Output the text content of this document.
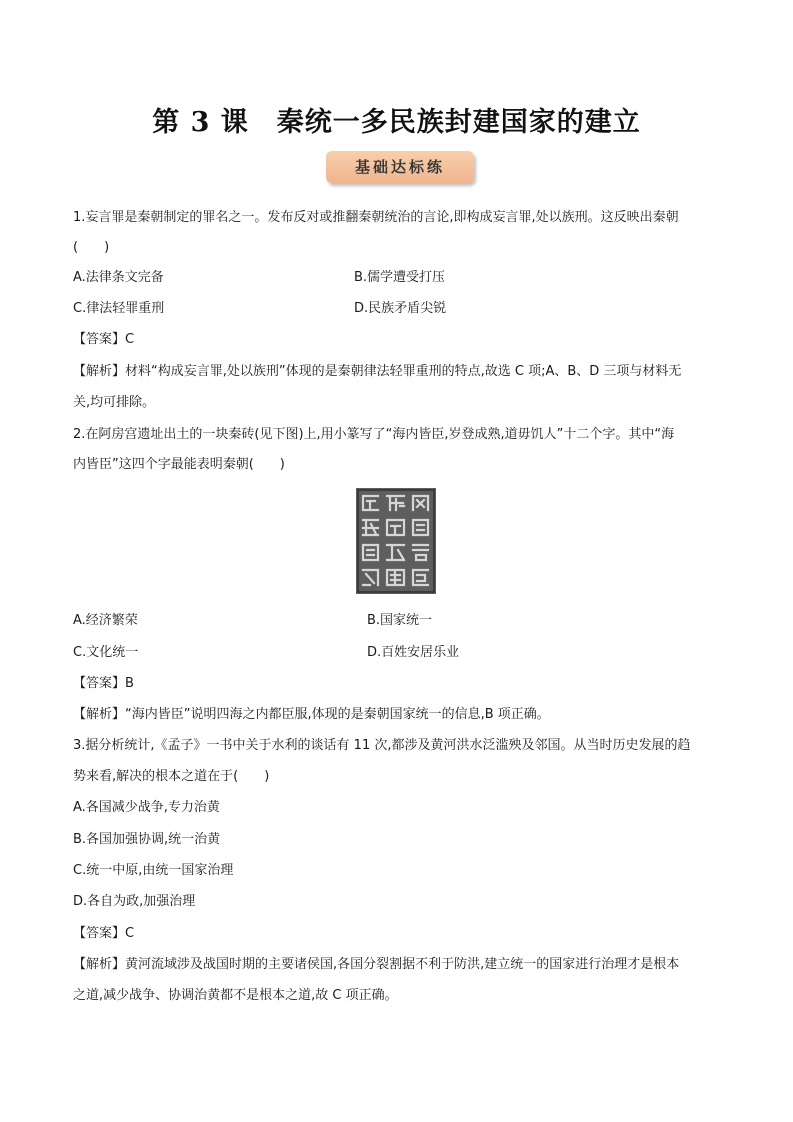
第 3 课　秦统一多民族封建国家的建立
基础达标练
1.妄言罪是秦朝制定的罪名之一。发布反对或推翻秦朝统治的言论,即构成妄言罪,处以族刑。这反映出秦朝
(　　)
A.法律条文完备	B.儒学遭受打压
C.律法轻罪重刑	D.民族矛盾尖锐
【答案】C
【解析】材料“构成妄言罪,处以族刑”体现的是秦朝律法轻罪重刑的特点,故选 C 项;A、B、D 三项与材料无
关,均可排除。
2.在阿房宫遗址出土的一块秦砖(见下图)上,用小篆写了“海内皆臣,岁登成熟,道毋饥人”十二个字。其中“海
内皆臣”这四个字最能表明秦朝(　　)
A.经济繁荣	B.国家统一
C.文化统一	D.百姓安居乐业
【答案】B
【解析】“海内皆臣”说明四海之内都臣服,体现的是秦朝国家统一的信息,B 项正确。
3.据分析统计,《孟子》一书中关于水利的谈话有 11 次,都涉及黄河洪水泛滥殃及邻国。从当时历史发展的趋
势来看,解决的根本之道在于(　　)
A.各国减少战争,专力治黄
B.各国加强协调,统一治黄
C.统一中原,由统一国家治理
D.各自为政,加强治理
【答案】C
【解析】黄河流域涉及战国时期的主要诸侯国,各国分裂割据不利于防洪,建立统一的国家进行治理才是根本
之道,减少战争、协调治黄都不是根本之道,故 C 项正确。
